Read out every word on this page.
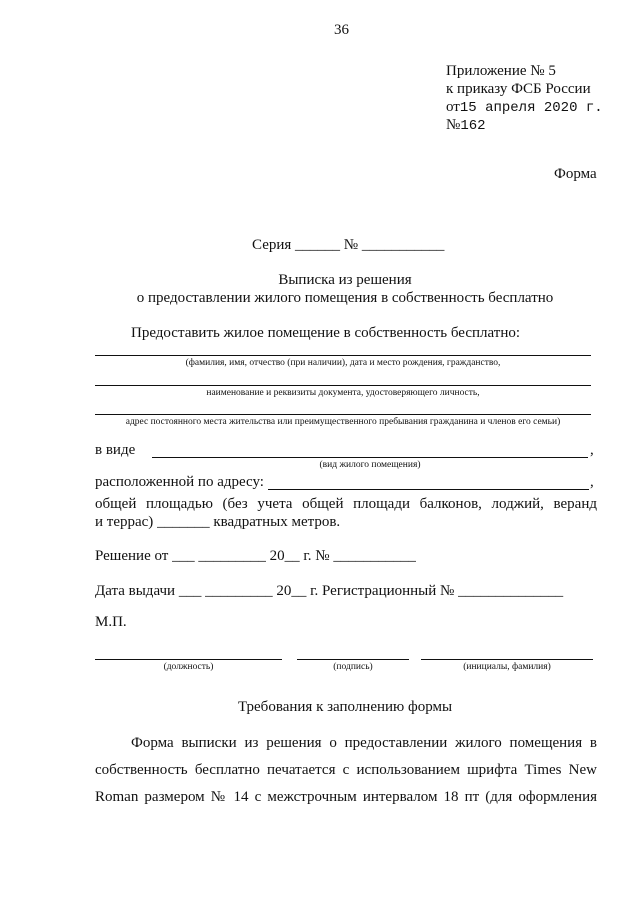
36
Приложение № 5
к приказу ФСБ России
от15 апреля 2020 г.
№162
Форма
Серия ______ № ___________
Выписка из решения
о предоставлении жилого помещения в собственность бесплатно
Предоставить жилое помещение в собственность бесплатно:
(фамилия, имя, отчество (при наличии), дата и место рождения, гражданство,
наименование и реквизиты документа, удостоверяющего личность,
адрес постоянного места жительства или преимущественного пребывания гражданина и членов его семьи)
в виде	,
(вид жилого помещения)
расположенной по адресу:	,
общей площадью (без учета общей площади балконов, лоджий, веранд
и террас) _______ квадратных метров.
Решение от ___ _________ 20__ г. № ___________
Дата выдачи ___ _________ 20__ г. Регистрационный № ______________
М.П.
(должность)	(подпись)	(инициалы, фамилия)
Требования к заполнению формы
Форма выписки из решения о предоставлении жилого помещения в
собственность бесплатно печатается с использованием шрифта Times New
Roman размером № 14 с межстрочным интервалом 18 пт (для оформления
